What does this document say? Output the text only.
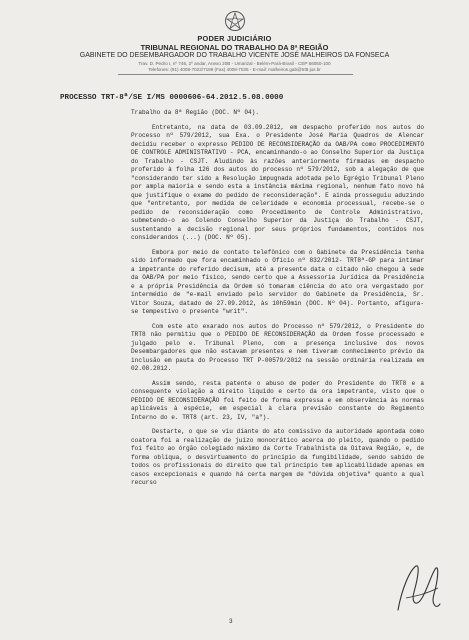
PODER JUDICIÁRIO
TRIBUNAL REGIONAL DO TRABALHO DA 8ª REGIÃO
GABINETE DO DESEMBARGADOR DO TRABALHO VICENTE JOSÉ MALHEIROS DA FONSECA
Trav. D. Pedro I, nº 746, 2º andar, Anexo 20B - Umarizal - Belém-Pará-Brasil - CEP 66050-100
Telefones: (91) 4008-7022/7199 (Fax) 4008-7035 - E-mail: malheiros.gab@trt8.jus.br
PROCESSO TRT-8ª/SE I/MS 0000606-64.2012.5.08.0000

Trabalho da 8ª Região (DOC. Nº 04).

Entretanto, na data de 03.09.2012, em despacho proferido nos autos do Processo nº 579/2012, sua Exa. o Presidente José Maria Quadros de Alencar decidiu receber o expresso PEDIDO DE RECONSIDERAÇÃO da OAB/PA como PROCEDIMENTO DE CONTROLE ADMINISTRATIVO - PCA, encaminhando-o ao Conselho Superior da Justiça do Trabalho - CSJT. Aludindo às razões anteriormente firmadas em despacho proferido à folha 126 dos autos do processo nº 579/2012, sob a alegação de que "considerando ter sido a Resolução impugnada adotada pelo Egrégio Tribunal Pleno por ampla maioria e sendo esta a instância máxima regional, nenhum fato novo há que justifique o exame do pedido de reconsideração". E ainda prosseguiu aduzindo que "entretanto, por medida de celeridade e economia processual, recebe-se o pedido de reconsideração como Procedimento de Controle Administrativo, submetendo-o ao Colendo Conselho Superior da Justiça do Trabalho - CSJT, sustentando a decisão regional por seus próprios fundamentos, contidos nos considerandos (...) (DOC. Nº 05).

Embora por meio de contato telefônico com o Gabinete da Presidência tenha sido informado que fora encaminhado o Ofício nº 832/2012- TRT8ª-GP para intimar a impetrante do referido decisum, até a presente data o citado não chegou à sede da OAB/PA por meio físico, sendo certo que a Assessoria Jurídica da Presidência e a própria Presidência da Ordem só tomaram ciência do ato ora vergastado por intermédio de "e-mail enviado pelo servidor do Gabinete da Presidência, Sr. Vitor Souza, datado de 27.09.2012, às 10h59min (DOC. Nº 04). Portanto, afigura-se tempestivo o presente "writ".

Com este ato exarado nos autos do Processo nº 579/2012, o Presidente do TRT8 não permitiu que o PEDIDO DE RECONSIDERAÇÃO da Ordem fosse processado e julgado pelo e. Tribunal Pleno, com a presença inclusive dos novos Desembargadores que não estavam presentes e nem tiveram conhecimento prévio da inclusão em pauta do Processo TRT P-00579/2012 na sessão ordinária realizada em 02.08.2012.

Assim sendo, resta patente o abuso de poder do Presidente do TRT8 e a consequente violação a direito líquido e certo da ora impetrante, visto que o PEDIDO DE RECONSIDERAÇÃO foi feito de forma expressa e em observância às normas aplicáveis à espécie, em especial à clara previsão constante do Regimento Interno do e. TRT8 (art. 23, IV, "a").

Destarte, o que se viu diante do ato comissivo da autoridade apontada como coatora foi a realização de juízo monocrático acerca do pleito, quando o pedido foi feito ao órgão colegiado máximo da Corte Trabalhista da Oitava Região, e, de forma oblíqua, o desvirtuamento do princípio da fungibilidade, sendo sabido de todos os profissionais do direito que tal princípio tem aplicabilidade apenas em casos excepcionais e quando há certa margem de "dúvida objetiva" quanto a qual recurso

3
